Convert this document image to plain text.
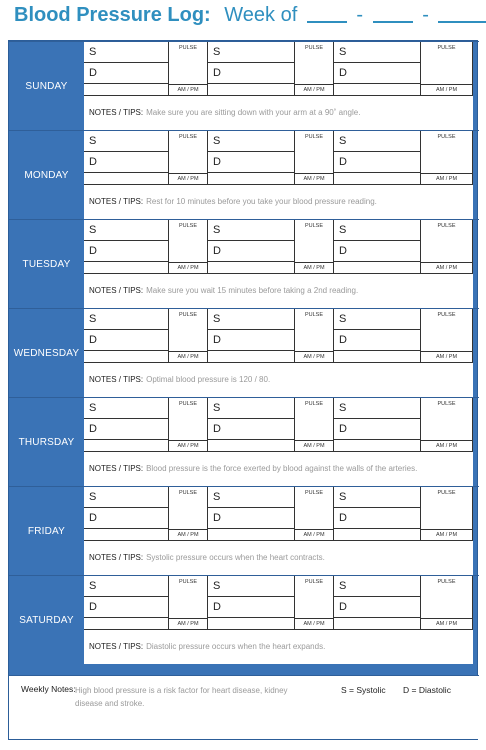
Blood Pressure Log: Week of	-	-
Weekly Notes: High blood pressure is a risk factor for heart disease, kidney disease and stroke.
S = Systolic D = Diastolic
SUNDAY
S
D
PULSE
AM / PM
S
D
PULSE
AM / PM
S
D
PULSE
AM / PM
NOTES / TIPS: Make sure you are sitting down with your arm at a 90˚ angle.
MONDAY
S
D
PULSE
AM / PM
S
D
PULSE
AM / PM
S
D
PULSE
AM / PM
NOTES / TIPS: Rest for 10 minutes before you take your blood pressure reading.
TUESDAY
S
D
PULSE
AM / PM
S
D
PULSE
AM / PM
S
D
PULSE
AM / PM
NOTES / TIPS: Make sure you wait 15 minutes before taking a 2nd reading.
WEDNESDAY
S
D
PULSE
AM / PM
S
D
PULSE
AM / PM
S
D
PULSE
AM / PM
NOTES / TIPS: Optimal blood pressure is 120 / 80.
THURSDAY
S
D
PULSE
AM / PM
S
D
PULSE
AM / PM
S
D
PULSE
AM / PM
NOTES / TIPS: Blood pressure is the force exerted by blood against the walls of the arteries.
FRIDAY
S
D
PULSE
AM / PM
S
D
PULSE
AM / PM
S
D
PULSE
AM / PM
NOTES / TIPS: Systolic pressure occurs when the heart contracts.
SATURDAY
S
D
PULSE
AM / PM
S
D
PULSE
AM / PM
S
D
PULSE
AM / PM
NOTES / TIPS: Diastolic pressure occurs when the heart expands.
